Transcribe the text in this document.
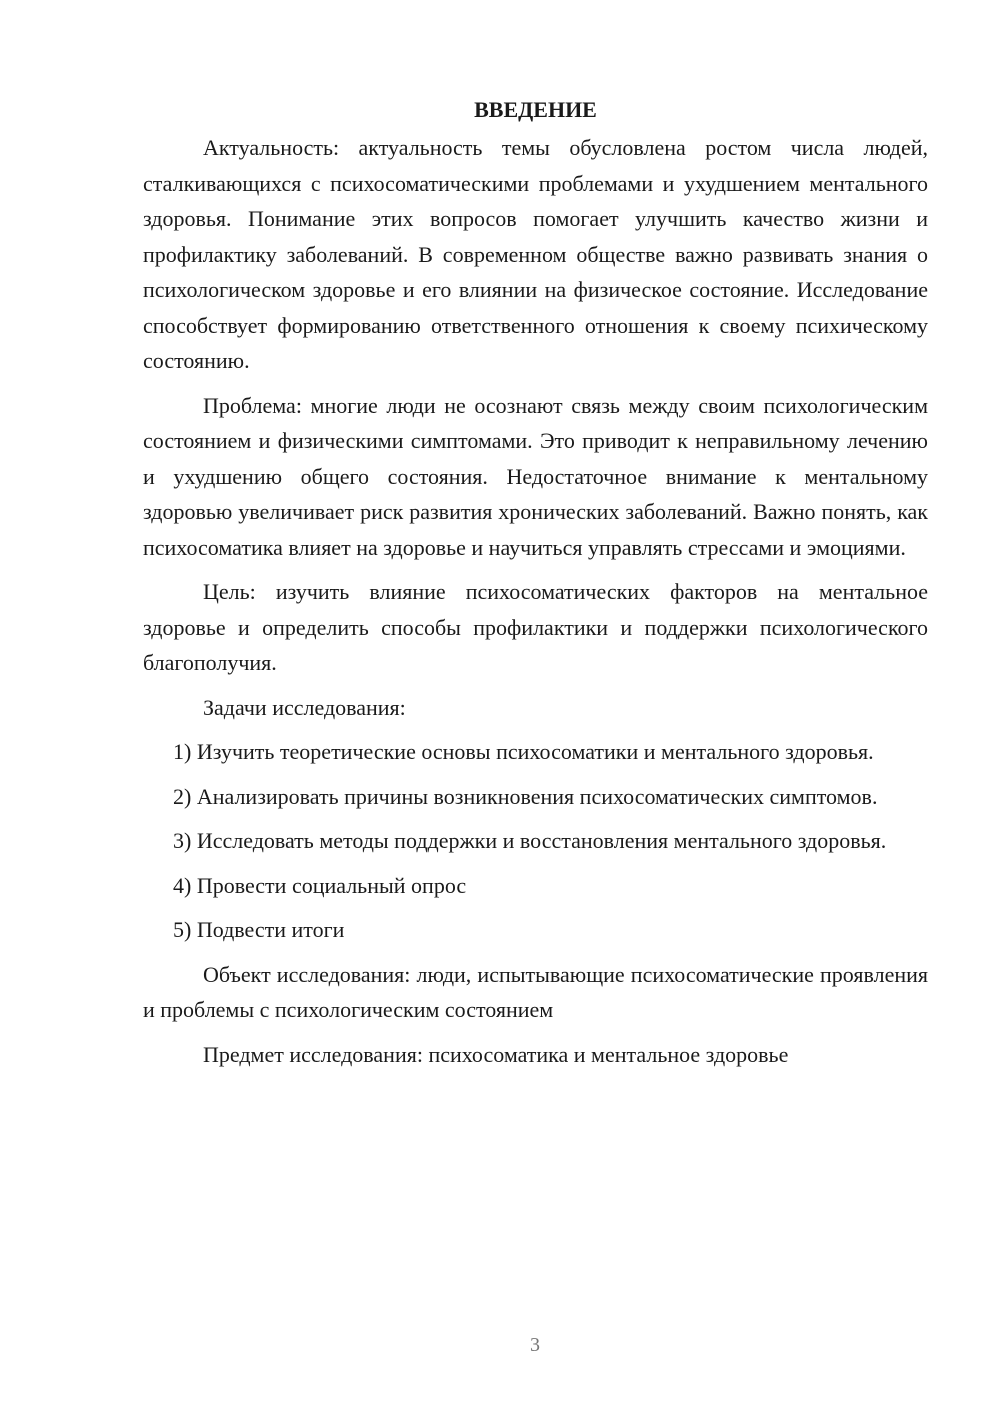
ВВЕДЕНИЕ

Актуальность: актуальность темы обусловлена ростом числа людей, сталкивающихся с психосоматическими проблемами и ухудшением ментального здоровья. Понимание этих вопросов помогает улучшить качество жизни и профилактику заболеваний. В современном обществе важно развивать знания о психологическом здоровье и его влиянии на физическое состояние. Исследование способствует формированию ответственного отношения к своему психическому состоянию.

Проблема: многие люди не осознают связь между своим психологическим состоянием и физическими симптомами. Это приводит к неправильному лечению и ухудшению общего состояния. Недостаточное внимание к ментальному здоровью увеличивает риск развития хронических заболеваний. Важно понять, как психосоматика влияет на здоровье и научиться управлять стрессами и эмоциями.

Цель: изучить влияние психосоматических факторов на ментальное здоровье и определить способы профилактики и поддержки психологического благополучия.

Задачи исследования:

1) Изучить теоретические основы психосоматики и ментального здоровья.

2) Анализировать причины возникновения психосоматических симптомов.

3) Исследовать методы поддержки и восстановления ментального здоровья.

4) Провести социальный опрос

5) Подвести итоги

Объект исследования: люди, испытывающие психосоматические проявления и проблемы с психологическим состоянием

Предмет исследования: психосоматика и ментальное здоровье

3
